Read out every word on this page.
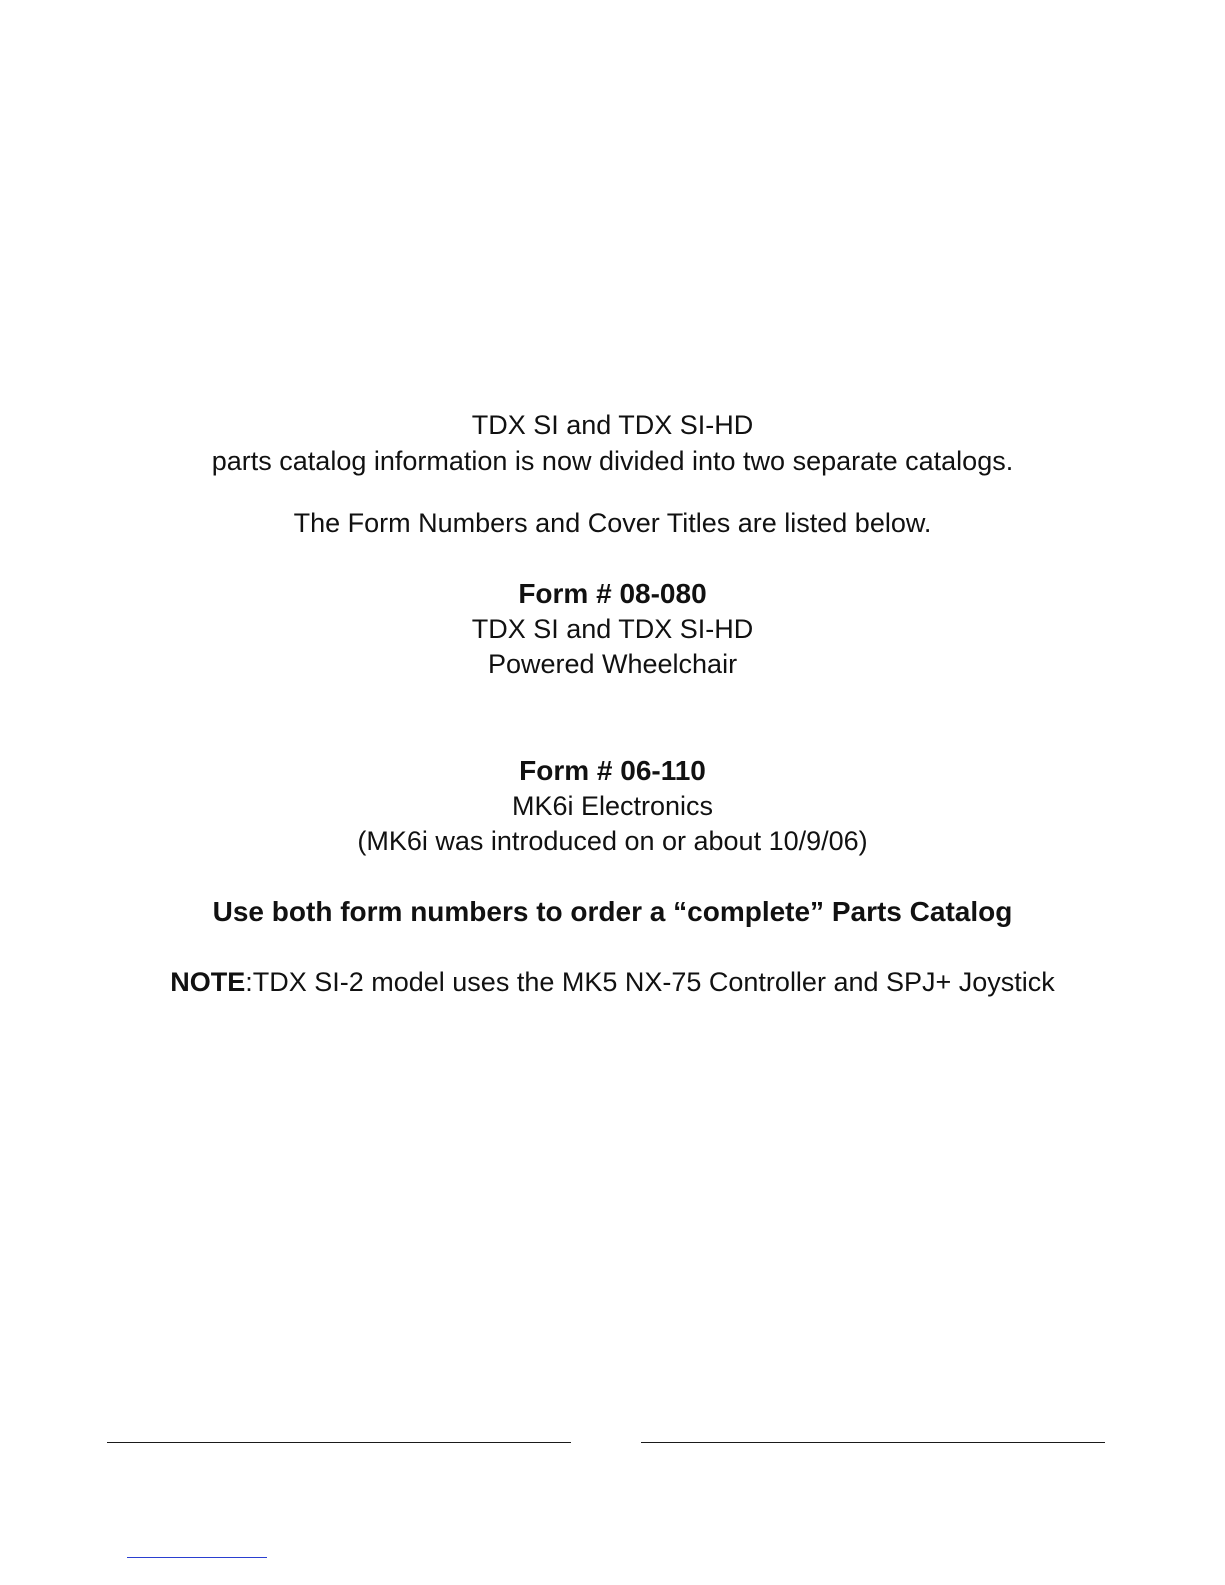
TDX SI and TDX SI-HD
parts catalog information is now divided into two separate catalogs.
The Form Numbers and Cover Titles are listed below.
Form # 08-080
TDX SI and TDX SI-HD
Powered Wheelchair
Form # 06-110
MK6i Electronics
(MK6i was introduced on or about 10/9/06)
Use both form numbers to order a “complete” Parts Catalog
NOTE:TDX SI-2 model uses the MK5 NX-75 Controller and SPJ+ Joystick
